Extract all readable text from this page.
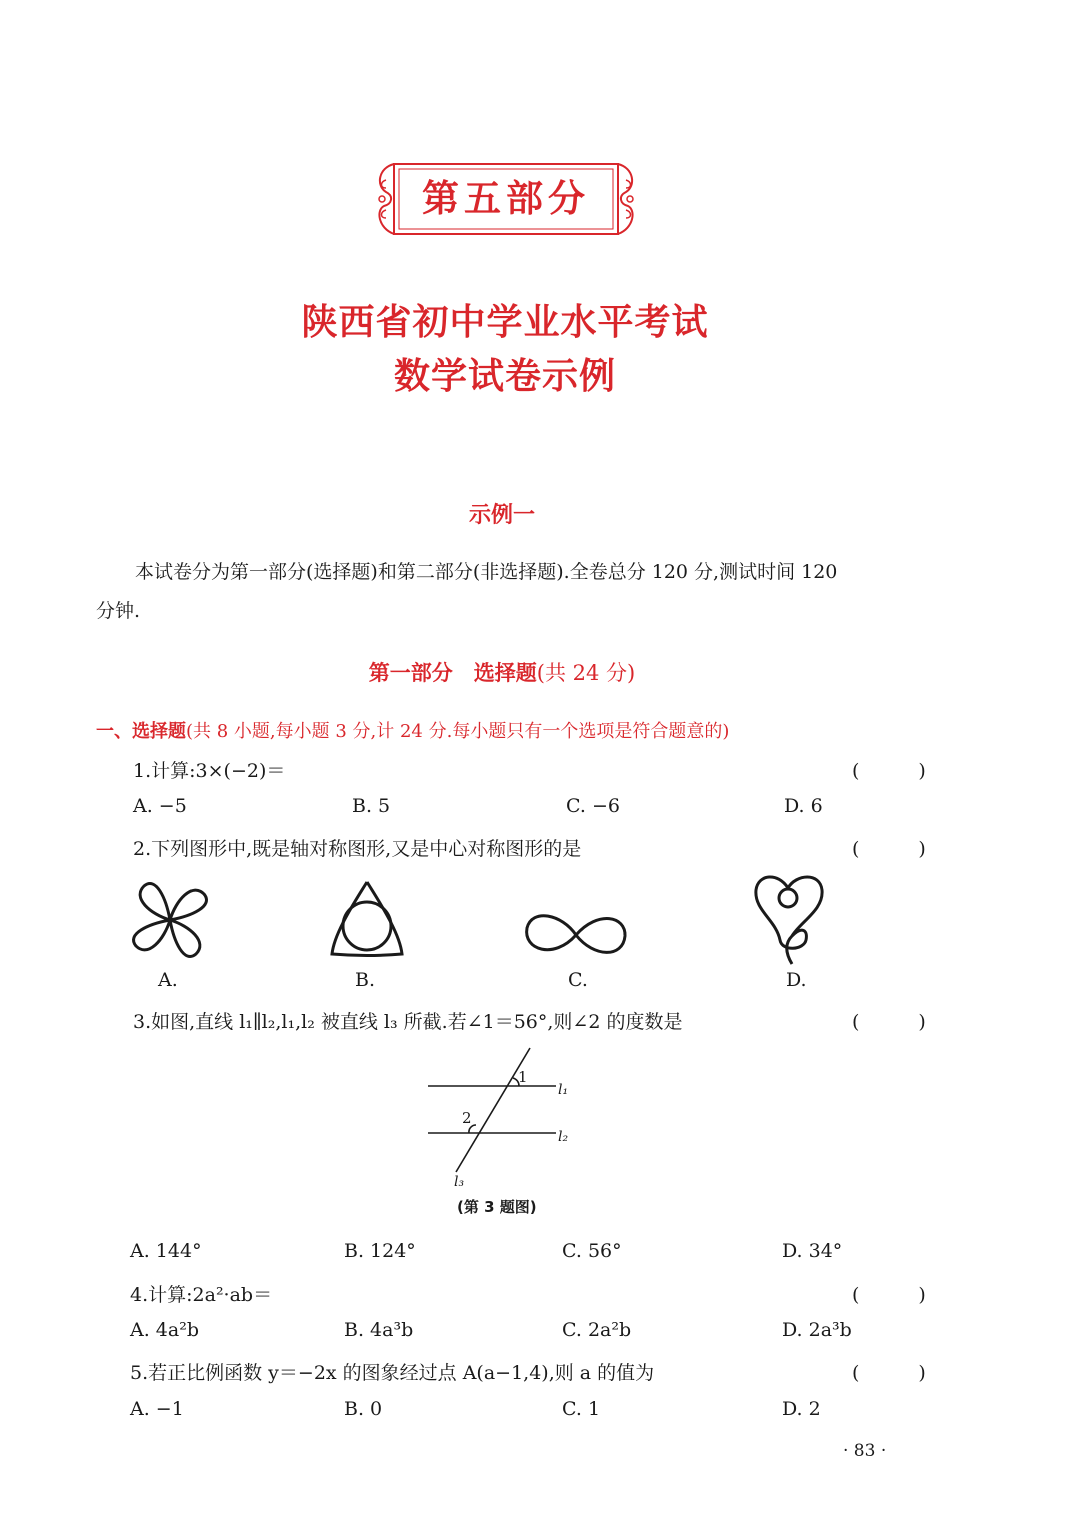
第五部分
陕西省初中学业水平考试
数学试卷示例
示例一
本试卷分为第一部分(选择题)和第二部分(非选择题).全卷总分 120 分,测试时间 120
分钟.
第一部分　选择题(共 24 分)
一、选择题(共 8 小题,每小题 3 分,计 24 分.每小题只有一个选项是符合题意的)
1.计算:3×(−2)＝	(　)
A. −5	B. 5	C. −6	D. 6
2.下列图形中,既是轴对称图形,又是中心对称图形的是	(　)
A.	B.	C.	D.
3.如图,直线 l₁∥l₂,l₁,l₂ 被直线 l₃ 所截.若∠1＝56°,则∠2 的度数是	(　)
1
2
l₁
l₂
l₃
(第 3 题图)
A. 144°	B. 124°	C. 56°	D. 34°
4.计算:2a²·ab＝	(　)
A. 4a²b	B. 4a³b	C. 2a²b	D. 2a³b
5.若正比例函数 y＝−2x 的图象经过点 A(a−1,4),则 a 的值为	(　)
A. −1	B. 0	C. 1	D. 2
· 83 ·
